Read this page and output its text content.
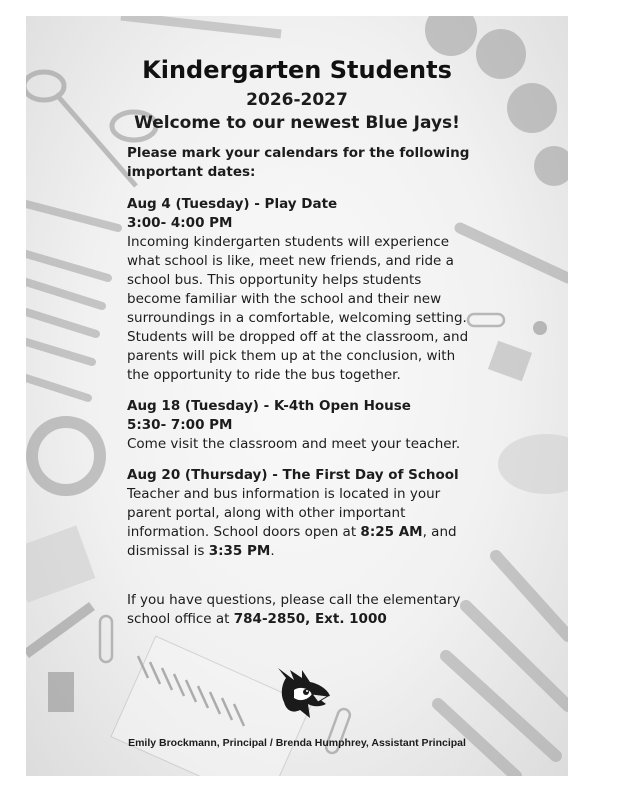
Kindergarten Students
2026-2027
Welcome to our newest Blue Jays!

Please mark your calendars for the following important dates:

Aug 4 (Tuesday) - Play Date

3:00- 4:00 PM

Incoming kindergarten students will experience what school is like, meet new friends, and ride a school bus. This opportunity helps students become familiar with the school and their new surroundings in a comfortable, welcoming setting. Students will be dropped off at the classroom, and parents will pick them up at the conclusion, with the opportunity to ride the bus together.

Aug 18 (Tuesday) - K-4th Open House

5:30- 7:00 PM

Come visit the classroom and meet your teacher.

Aug 20 (Thursday) - The First Day of School

Teacher and bus information is located in your parent portal, along with other important information. School doors open at 8:25 AM, and dismissal is 3:35 PM.

If you have questions, please call the elementary school office at 784-2850, Ext. 1000

Emily Brockmann, Principal / Brenda Humphrey, Assistant Principal
